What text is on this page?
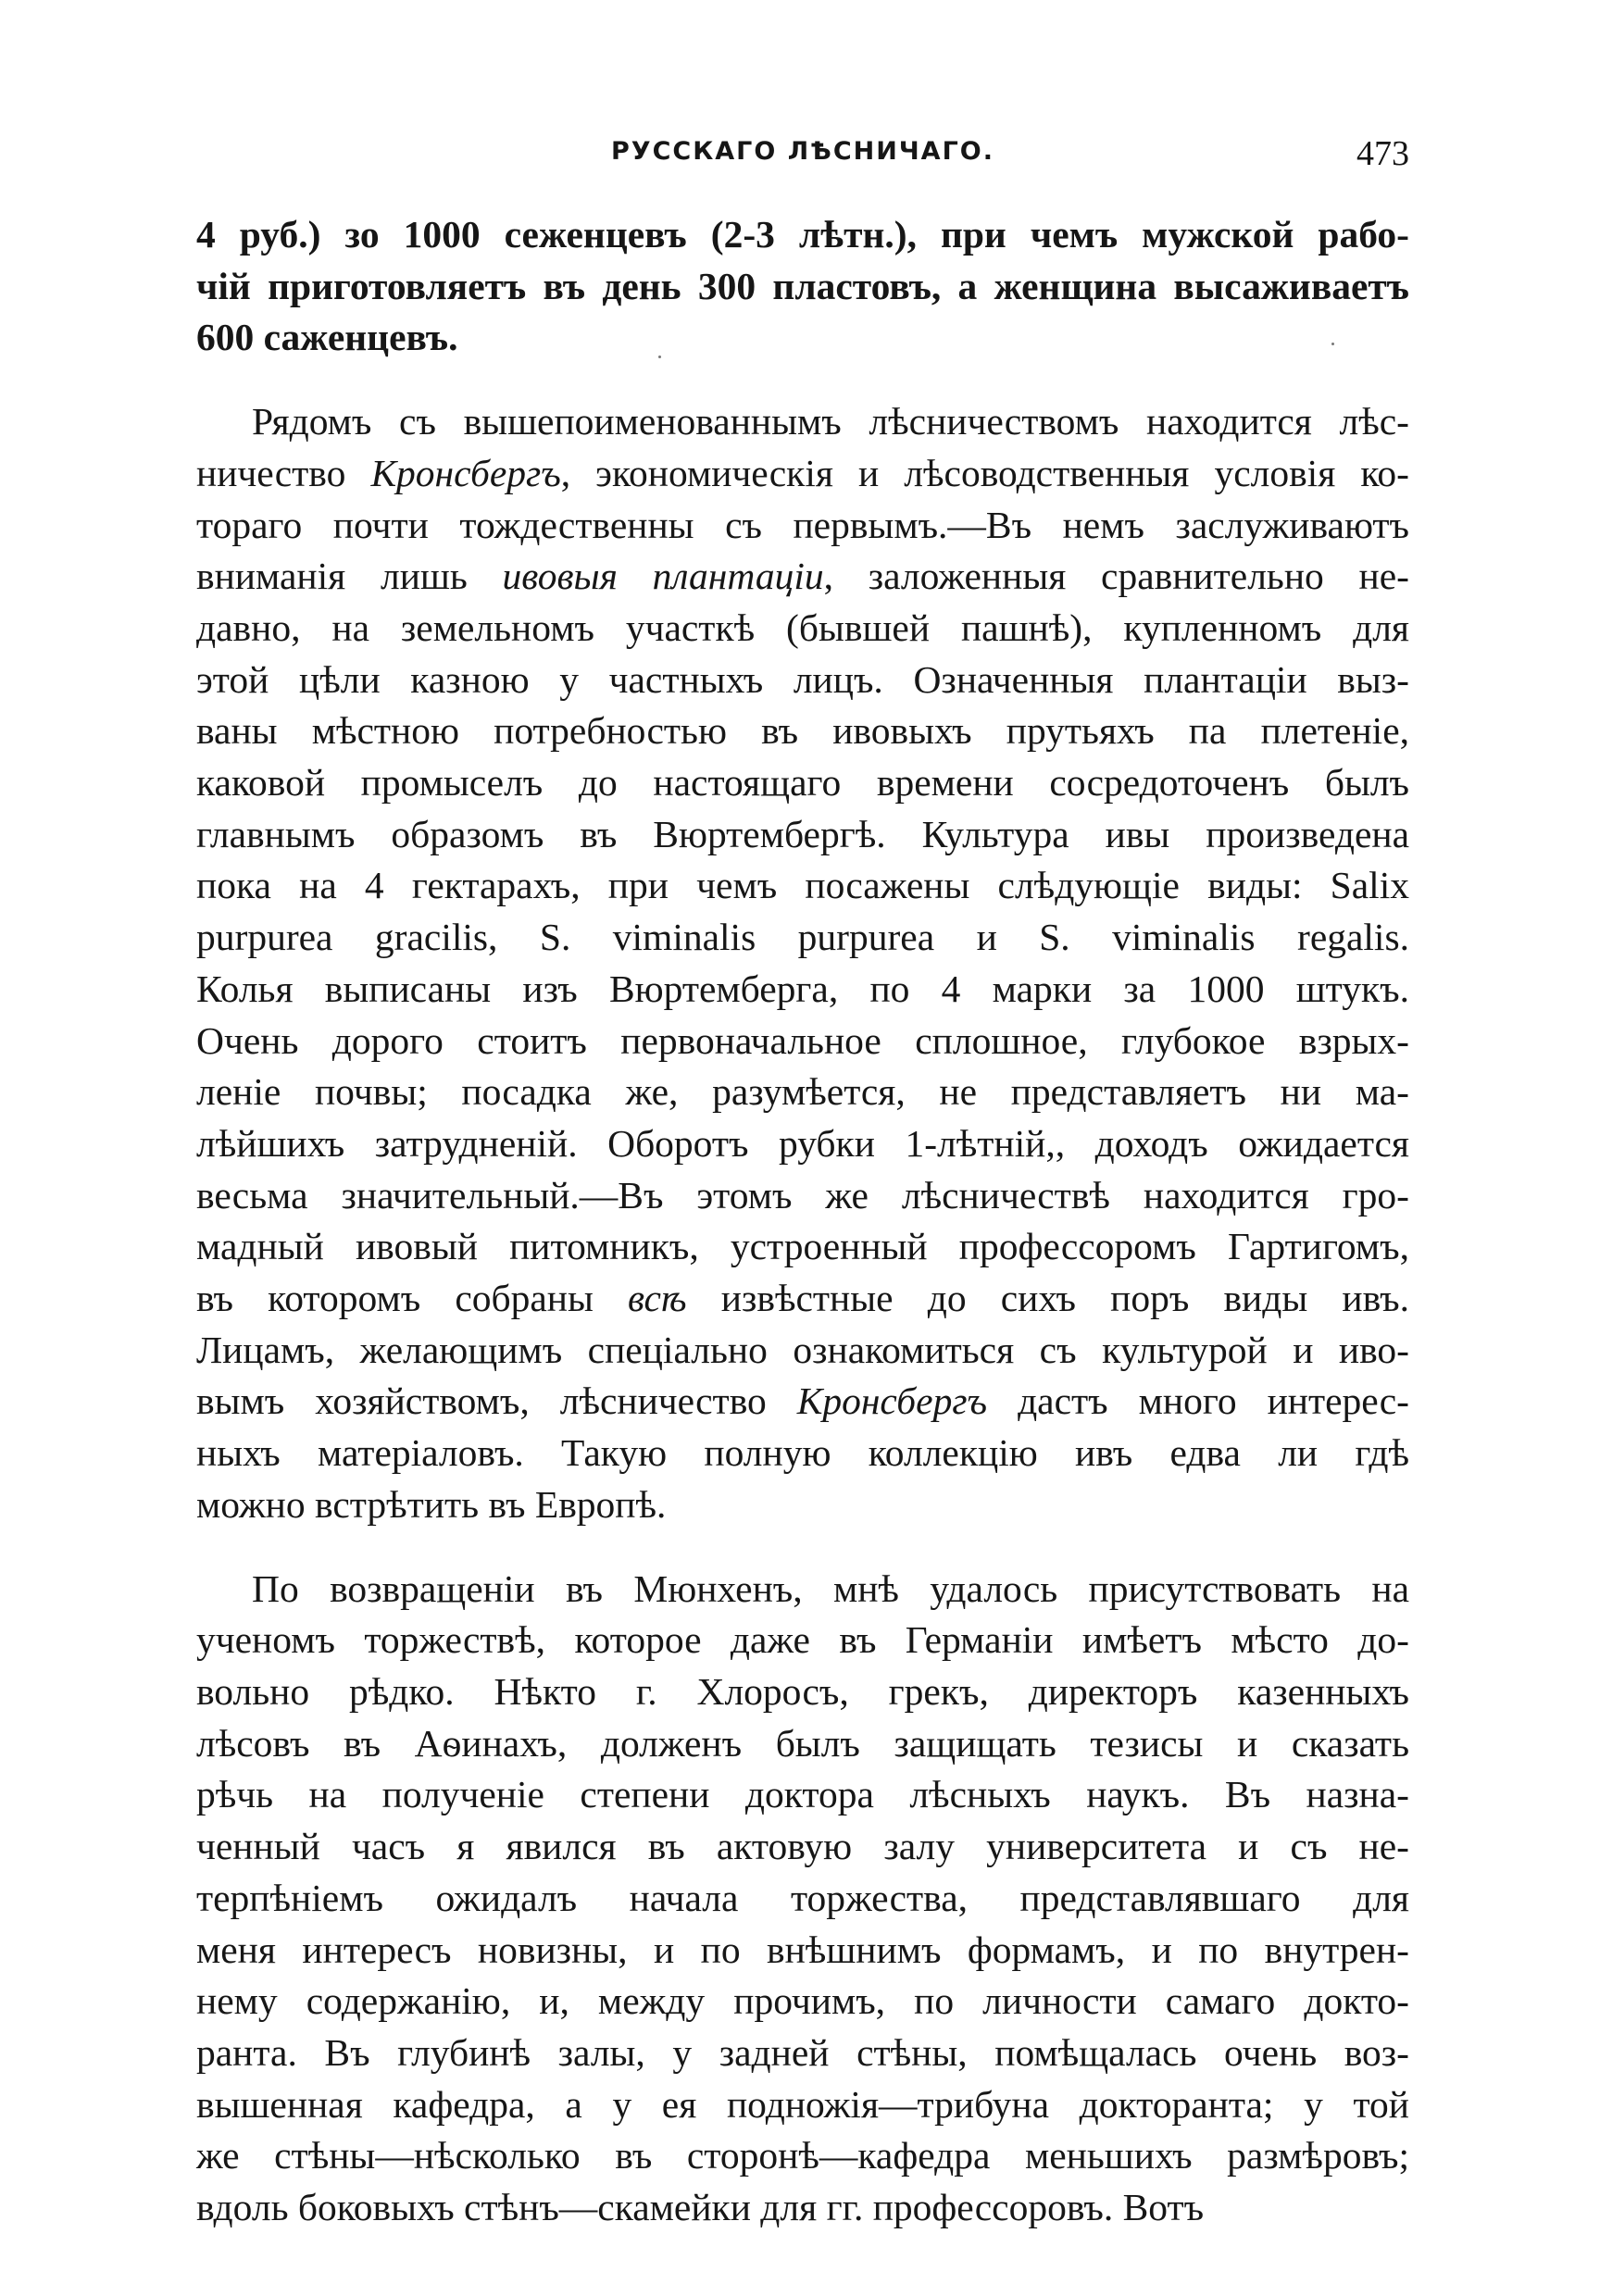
РУССКАГО ЛѢСНИЧАГО.	473
4 руб.) зо 1000 сеженцевъ (2-3 лѣтн.), при чемъ мужской рабо-
чій приготовляетъ въ день 300 пластовъ, а женщина высаживаетъ
600 саженцевъ.
Рядомъ съ вышепоименованнымъ лѣсничествомъ находится лѣс-
ничество Кронсбергъ, экономическія и лѣсоводственныя условія ко-
тораго почти тождественны съ первымъ.—Въ немъ заслуживаютъ
вниманія лишь ивовыя плантаціи, заложенныя сравнительно не-
давно, на земельномъ участкѣ (бывшей пашнѣ), купленномъ для
этой цѣли казною у частныхъ лицъ. Означенныя плантаціи выз-
ваны мѣстною потребностью въ ивовыхъ прутьяхъ па плетеніе,
каковой промыселъ до настоящаго времени сосредоточенъ былъ
главнымъ образомъ въ Вюртембергѣ. Культура ивы произведена
пока на 4 гектарахъ, при чемъ посажены слѣдующіе виды: Salix
purpurea gracilis, S. viminalis purpurea и S. viminalis regalis.
Колья выписаны изъ Вюртемберга, по 4 марки за 1000 штукъ.
Очень дорого стоитъ первоначальное сплошное, глубокое взрых-
леніе почвы; посадка же, разумѣется, не представляетъ ни ма-
лѣйшихъ затрудненій. Оборотъ рубки 1-лѣтній,, доходъ ожидается
весьма значительный.—Въ этомъ же лѣсничествѣ находится гро-
мадный ивовый питомникъ, устроенный профессоромъ Гартигомъ,
въ которомъ собраны всѣ извѣстные до сихъ поръ виды ивъ.
Лицамъ, желающимъ спеціально ознакомиться съ культурой и иво-
вымъ хозяйствомъ, лѣсничество Кронсбергъ дастъ много интерес-
ныхъ матеріаловъ. Такую полную коллекцію ивъ едва ли гдѣ
можно встрѣтить въ Европѣ.
По возвращеніи въ Мюнхенъ, мнѣ удалось присутствовать на
ученомъ торжествѣ, которое даже въ Германіи имѣетъ мѣсто до-
вольно рѣдко. Нѣкто г. Хлоросъ, грекъ, директоръ казенныхъ
лѣсовъ въ Аѳинахъ, долженъ былъ защищать тезисы и сказать
рѣчь на полученіе степени доктора лѣсныхъ наукъ. Въ назна-
ченный часъ я явился въ актовую залу университета и съ не-
терпѣніемъ ожидалъ начала торжества, представлявшаго для
меня интересъ новизны, и по внѣшнимъ формамъ, и по внутрен-
нему содержанію, и, между прочимъ, по личности самаго докто-
ранта. Въ глубинѣ залы, у задней стѣны, помѣщалась очень воз-
вышенная кафедра, а у ея подножія—трибуна докторанта; у той
же стѣны—нѣсколько въ сторонѣ—кафедра меньшихъ размѣровъ;
вдоль боковыхъ стѣнъ—скамейки для гг. профессоровъ. Вотъ
